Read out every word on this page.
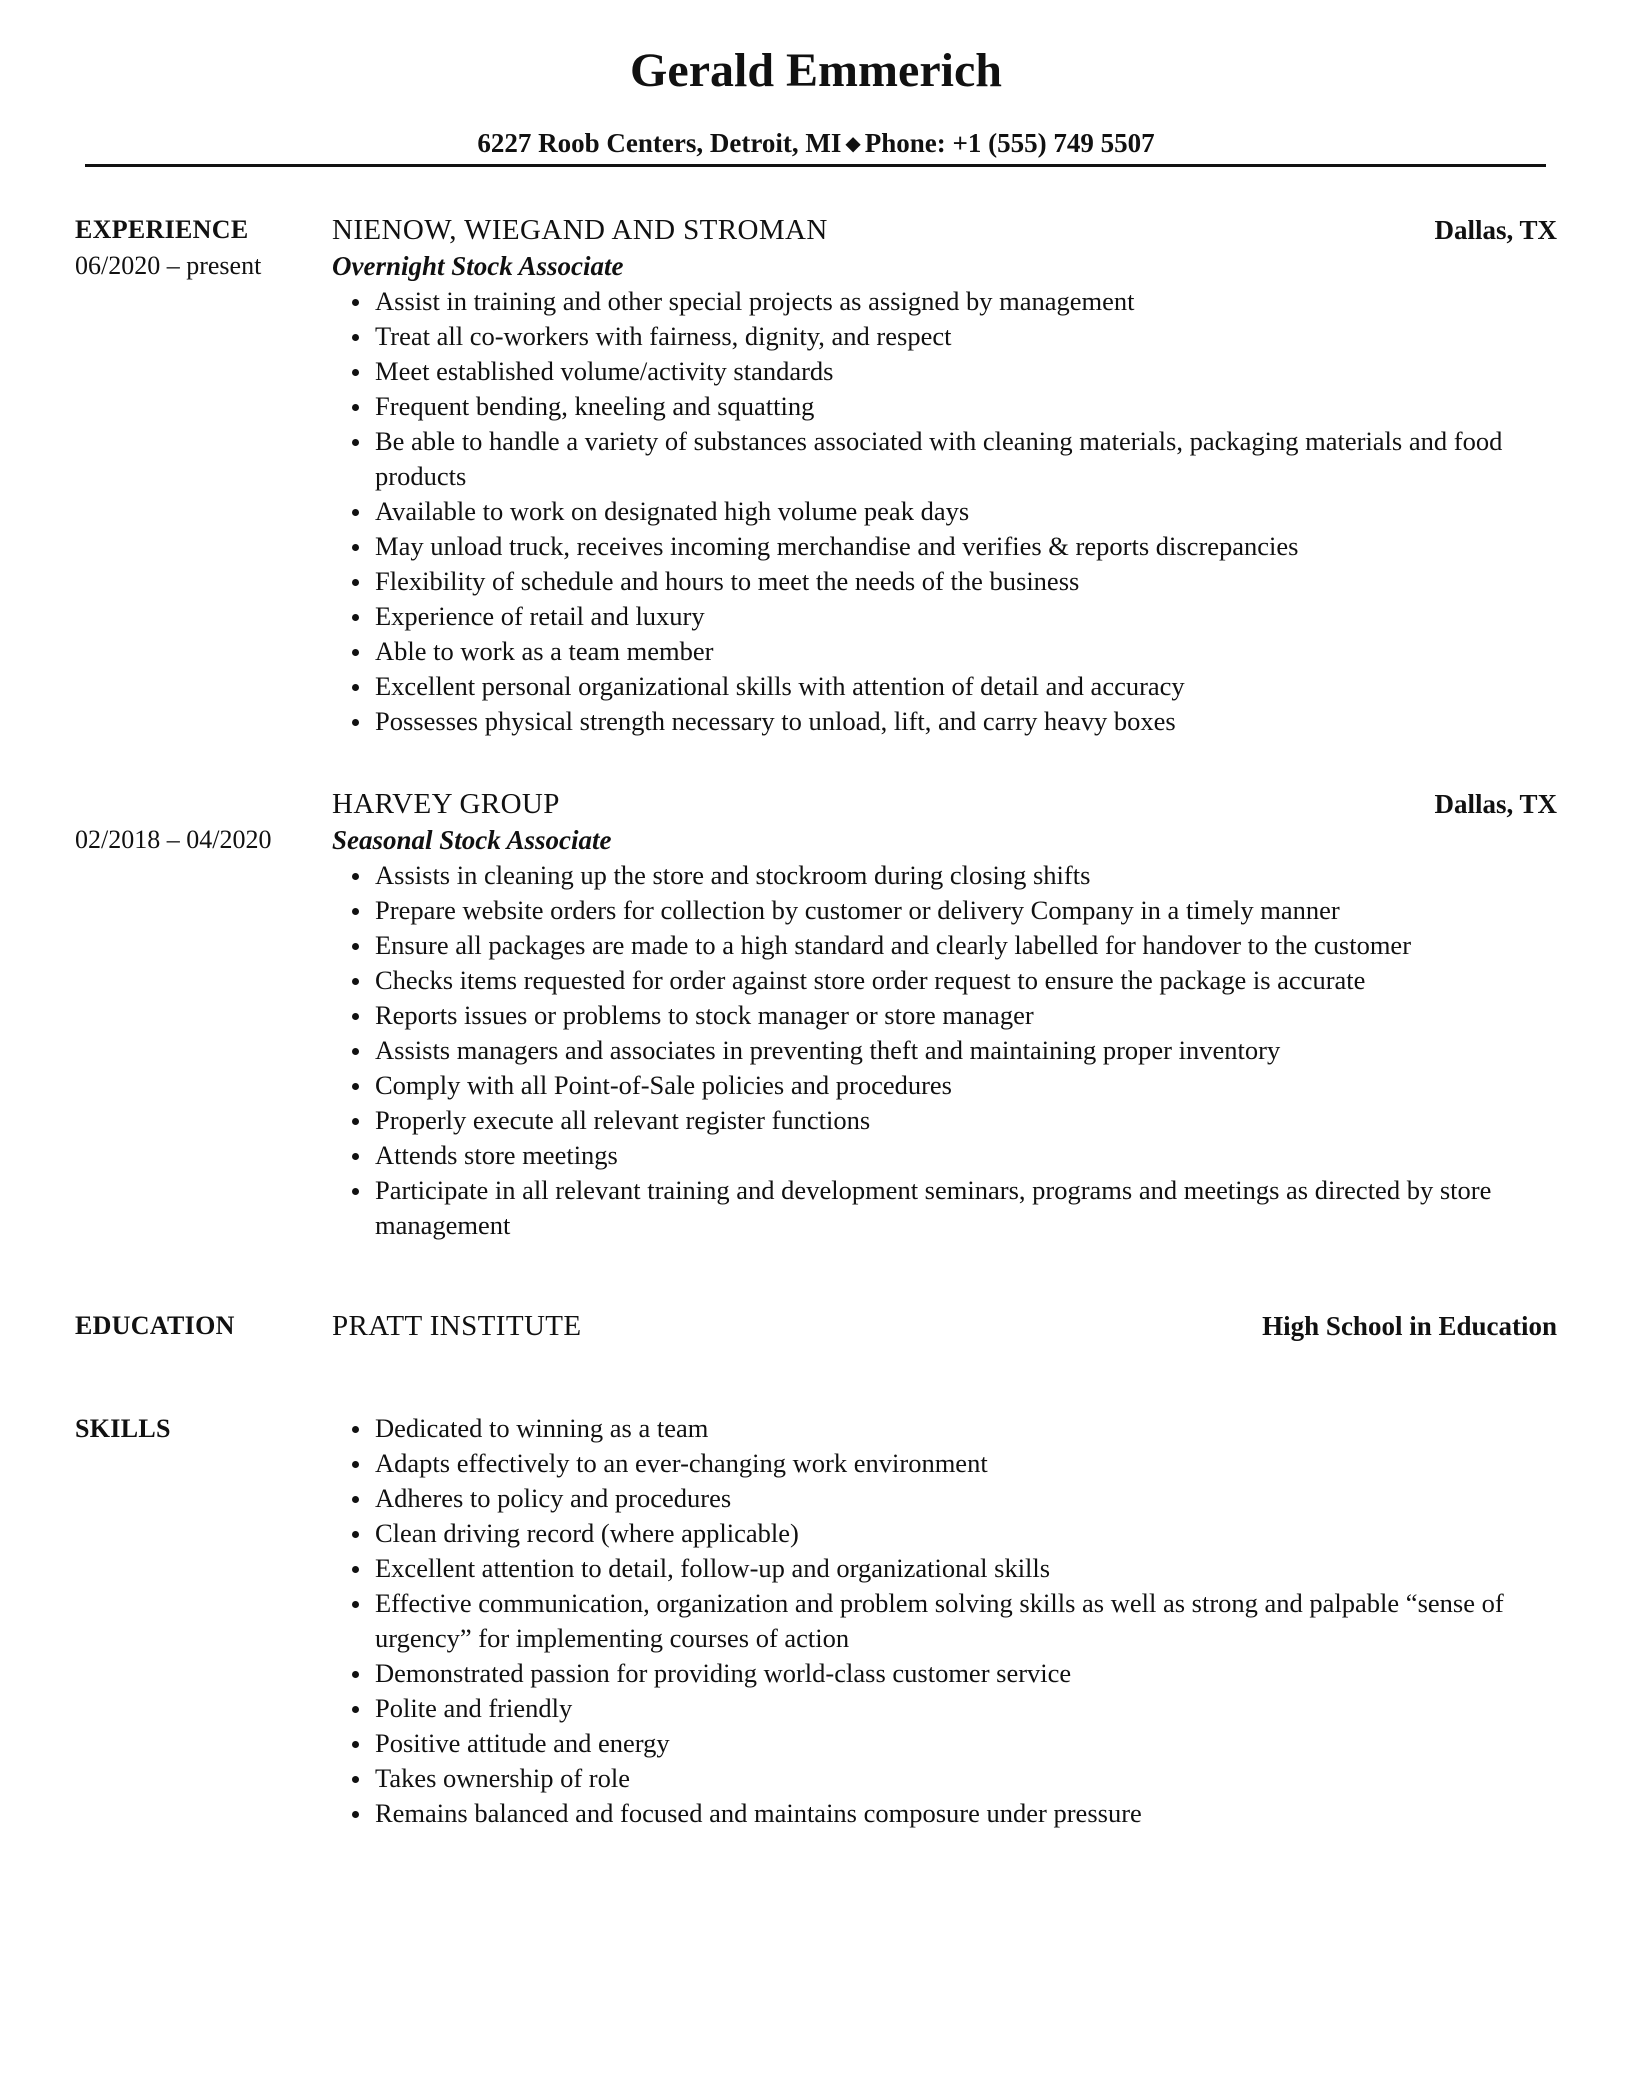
Gerald Emmerich
6227 Roob Centers, Detroit, MI ◆ Phone: +1 (555) 749 5507
EXPERIENCE
06/2020 – present
NIENOW, WIEGAND AND STROMAN	Dallas, TX
Overnight Stock Associate
Assist in training and other special projects as assigned by management
Treat all co-workers with fairness, dignity, and respect
Meet established volume/activity standards
Frequent bending, kneeling and squatting
Be able to handle a variety of substances associated with cleaning materials, packaging materials and food products
Available to work on designated high volume peak days
May unload truck, receives incoming merchandise and verifies & reports discrepancies
Flexibility of schedule and hours to meet the needs of the business
Experience of retail and luxury
Able to work as a team member
Excellent personal organizational skills with attention of detail and accuracy
Possesses physical strength necessary to unload, lift, and carry heavy boxes
02/2018 – 04/2020
HARVEY GROUP	Dallas, TX
Seasonal Stock Associate
Assists in cleaning up the store and stockroom during closing shifts
Prepare website orders for collection by customer or delivery Company in a timely manner
Ensure all packages are made to a high standard and clearly labelled for handover to the customer
Checks items requested for order against store order request to ensure the package is accurate
Reports issues or problems to stock manager or store manager
Assists managers and associates in preventing theft and maintaining proper inventory
Comply with all Point-of-Sale policies and procedures
Properly execute all relevant register functions
Attends store meetings
Participate in all relevant training and development seminars, programs and meetings as directed by store management
EDUCATION	PRATT INSTITUTE	High School in Education
SKILLS	Dedicated to winning as a team
Adapts effectively to an ever-changing work environment
Adheres to policy and procedures
Clean driving record (where applicable)
Excellent attention to detail, follow-up and organizational skills
Effective communication, organization and problem solving skills as well as strong and palpable “sense of urgency” for implementing courses of action
Demonstrated passion for providing world-class customer service
Polite and friendly
Positive attitude and energy
Takes ownership of role
Remains balanced and focused and maintains composure under pressure
